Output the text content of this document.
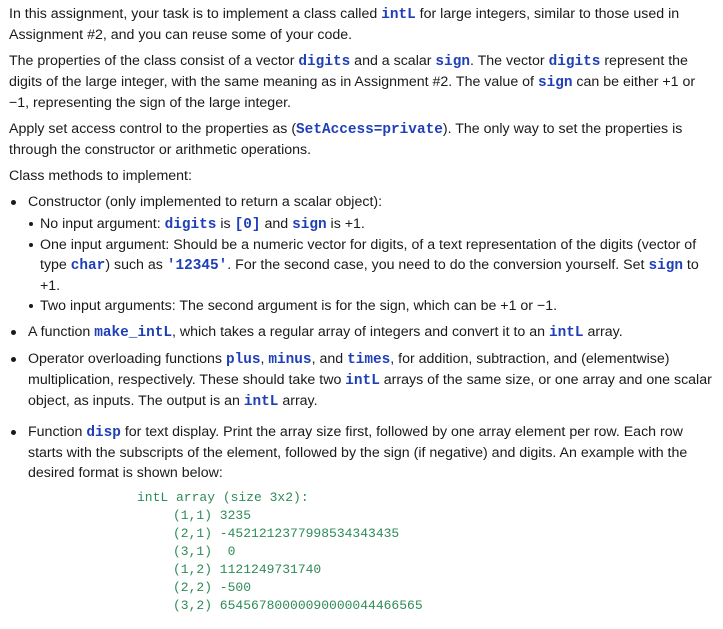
In this assignment, your task is to implement a class called intL for large integers, similar to those used in Assignment #2, and you can reuse some of your code.

The properties of the class consist of a vector digits and a scalar sign. The vector digits represent the digits of the large integer, with the same meaning as in Assignment #2. The value of sign can be either +1 or −1, representing the sign of the large integer.

Apply set access control to the properties as (SetAccess=private). The only way to set the properties is through the constructor or arithmetic operations.

Class methods to implement:

Constructor (only implemented to return a scalar object):
No input argument: digits is [0] and sign is +1.
One input argument: Should be a numeric vector for digits, of a text representation of the digits (vector of type char) such as '12345'. For the second case, you need to do the conversion yourself. Set sign to +1.
Two input arguments: The second argument is for the sign, which can be +1 or −1.
A function make_intL, which takes a regular array of integers and convert it to an intL array.
Operator overloading functions plus, minus, and times, for addition, subtraction, and (elementwise) multiplication, respectively. These should take two intL arrays of the same size, or one array and one scalar object, as inputs. The output is an intL array.
Function disp for text display. Print the array size first, followed by one array element per row. Each row starts with the subscripts of the element, followed by the sign (if negative) and digits. An example with the desired format is shown below:
intL array (size 3x2):
(1,1) 3235
(2,1) -4521212377998534343435
(3,1)  0
(1,2) 1121249731740
(2,2) -500
(3,2) 65456780000090000044466565
